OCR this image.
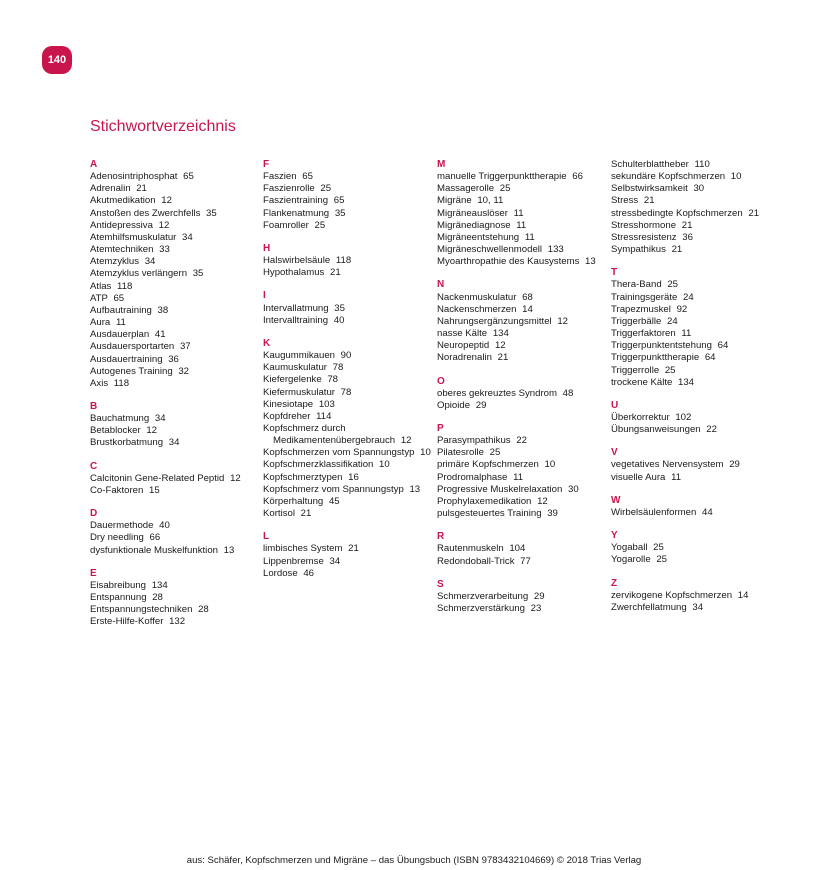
140
Stichwortverzeichnis
A
Adenosintriphosphat 65
Adrenalin 21
Akutmedikation 12
Anstoßen des Zwerchfells 35
Antidepressiva 12
Atemhilfsmuskulatur 34
Atemtechniken 33
Atemzyklus 34
Atemzyklus verlängern 35
Atlas 118
ATP 65
Aufbautraining 38
Aura 11
Ausdauerplan 41
Ausdauersportarten 37
Ausdauertraining 36
Autogenes Training 32
Axis 118
B
Bauchatmung 34
Betablocker 12
Brustkorbatmung 34
C
Calcitonin Gene-Related Peptid 12
Co-Faktoren 15
D
Dauermethode 40
Dry needling 66
dysfunktionale Muskelfunktion 13
E
Eisabreibung 134
Entspannung 28
Entspannungstechniken 28
Erste-Hilfe-Koffer 132
F
Faszien 65
Faszienrolle 25
Faszientraining 65
Flankenatmung 35
Foamroller 25
H
Halswirbelsäule 118
Hypothalamus 21
I
Intervallatmung 35
Intervalltraining 40
K
Kaugummikauen 90
Kaumuskulatur 78
Kiefergelenke 78
Kiefermuskulatur 78
Kinesiotape 103
Kopfdreher 114
Kopfschmerz durch Medikamentenübergebrauch 12
Kopfschmerzen vom Spannungstyp 10
Kopfschmerzklassifikation 10
Kopfschmerztypen 16
Kopfschmerz vom Spannungstyp 13
Körperhaltung 45
Kortisol 21
L
limbisches System 21
Lippenbremse 34
Lordose 46
M
manuelle Triggerpunkttherapie 66
Massagerolle 25
Migräne 10, 11
Migräneauslöser 11
Migränediagnose 11
Migräneentstehung 11
Migräneschwellenmodell 133
Myoarthropathie des Kausystems 13
N
Nackenmuskulatur 68
Nackenschmerzen 14
Nahrungsergänzungsmittel 12
nasse Kälte 134
Neuropeptid 12
Noradrenalin 21
O
oberes gekreuztes Syndrom 48
Opioide 29
P
Parasympathikus 22
Pilatesrolle 25
primäre Kopfschmerzen 10
Prodromalphase 11
Progressive Muskelrelaxation 30
Prophylaxemedikation 12
pulsgesteuertes Training 39
R
Rautenmuskeln 104
Redondoball-Trick 77
S
Schmerzverarbeitung 29
Schmerzverstärkung 23
Schulterblattheber 110
sekundäre Kopfschmerzen 10
Selbstwirksamkeit 30
Stress 21
stressbedingte Kopfschmerzen 21
Stresshormone 21
Stressresistenz 36
Sympathikus 21
T
Thera-Band 25
Trainingsgeräte 24
Trapezmuskel 92
Triggerbälle 24
Triggerfaktoren 11
Triggerpunktentstehung 64
Triggerpunkttherapie 64
Triggerrolle 25
trockene Kälte 134
U
Überkorrektur 102
Übungsanweisungen 22
V
vegetatives Nervensystem 29
visuelle Aura 11
W
Wirbelsäulenformen 44
Y
Yogaball 25
Yogarolle 25
Z
zervikogene Kopfschmerzen 14
Zwerchfellatmung 34
aus: Schäfer, Kopfschmerzen und Migräne – das Übungsbuch (ISBN 9783432104669) © 2018 Trias Verlag
